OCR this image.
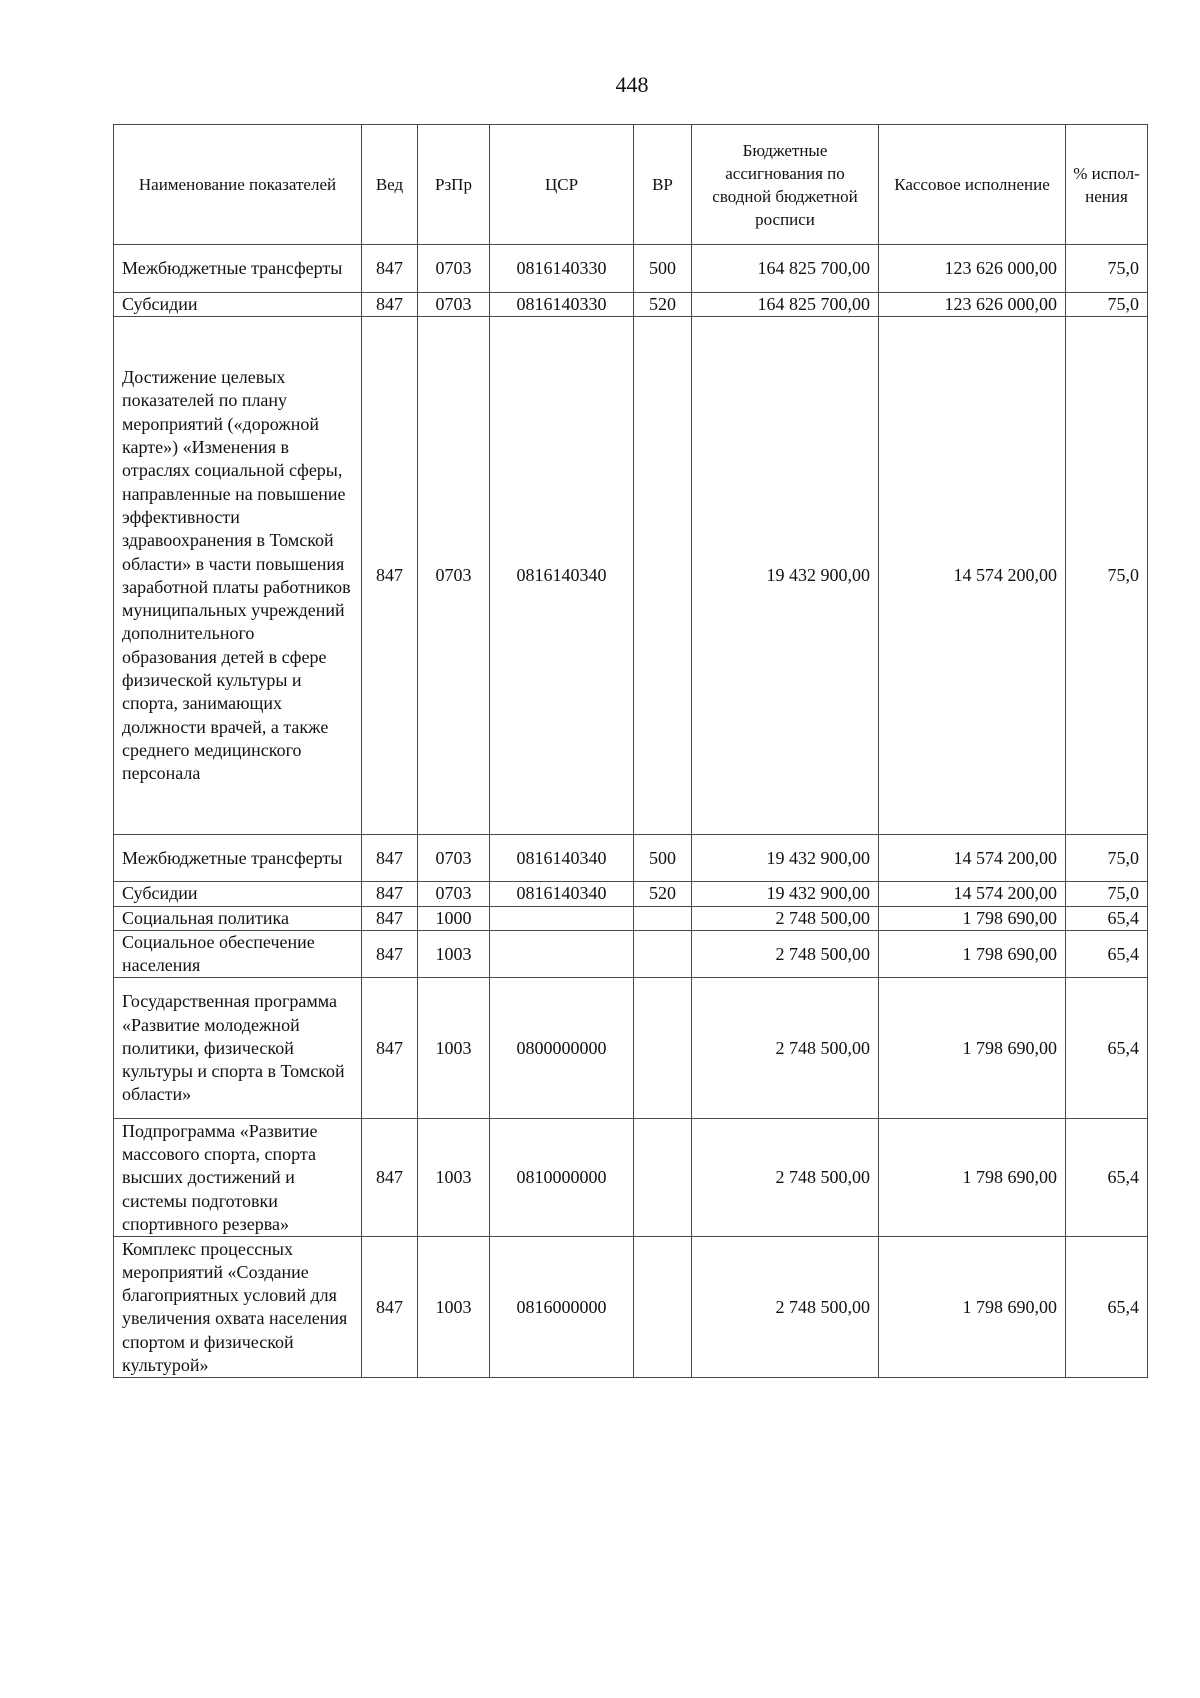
448
Наименование показателей	Вед	РзПр	ЦСР	ВР	Бюджетные ассигнования по сводной бюджетной росписи	Кассовое исполнение	% испол-нения
Межбюджетные трансферты	847	0703	0816140330	500	164 825 700,00	123 626 000,00	75,0
Субсидии	847	0703	0816140330	520	164 825 700,00	123 626 000,00	75,0
Достижение целевых показателей по плану мероприятий («дорожной карте») «Изменения в отраслях социальной сферы, направленные на повышение эффективности здравоохранения в Томской области» в части повышения заработной платы работников муниципальных учреждений дополнительного образования детей в сфере физической культуры и спорта, занимающих должности врачей, а также среднего медицинского персонала	847	0703	0816140340		19 432 900,00	14 574 200,00	75,0
Межбюджетные трансферты	847	0703	0816140340	500	19 432 900,00	14 574 200,00	75,0
Субсидии	847	0703	0816140340	520	19 432 900,00	14 574 200,00	75,0
Социальная политика	847	1000			2 748 500,00	1 798 690,00	65,4
Социальное обеспечение населения	847	1003			2 748 500,00	1 798 690,00	65,4
Государственная программа «Развитие молодежной политики, физической культуры и спорта в Томской области»	847	1003	0800000000		2 748 500,00	1 798 690,00	65,4
Подпрограмма «Развитие массового спорта, спорта высших достижений и системы подготовки спортивного резерва»	847	1003	0810000000		2 748 500,00	1 798 690,00	65,4
Комплекс процессных мероприятий «Создание благоприятных условий для увеличения охвата населения спортом и физической культурой»	847	1003	0816000000		2 748 500,00	1 798 690,00	65,4
